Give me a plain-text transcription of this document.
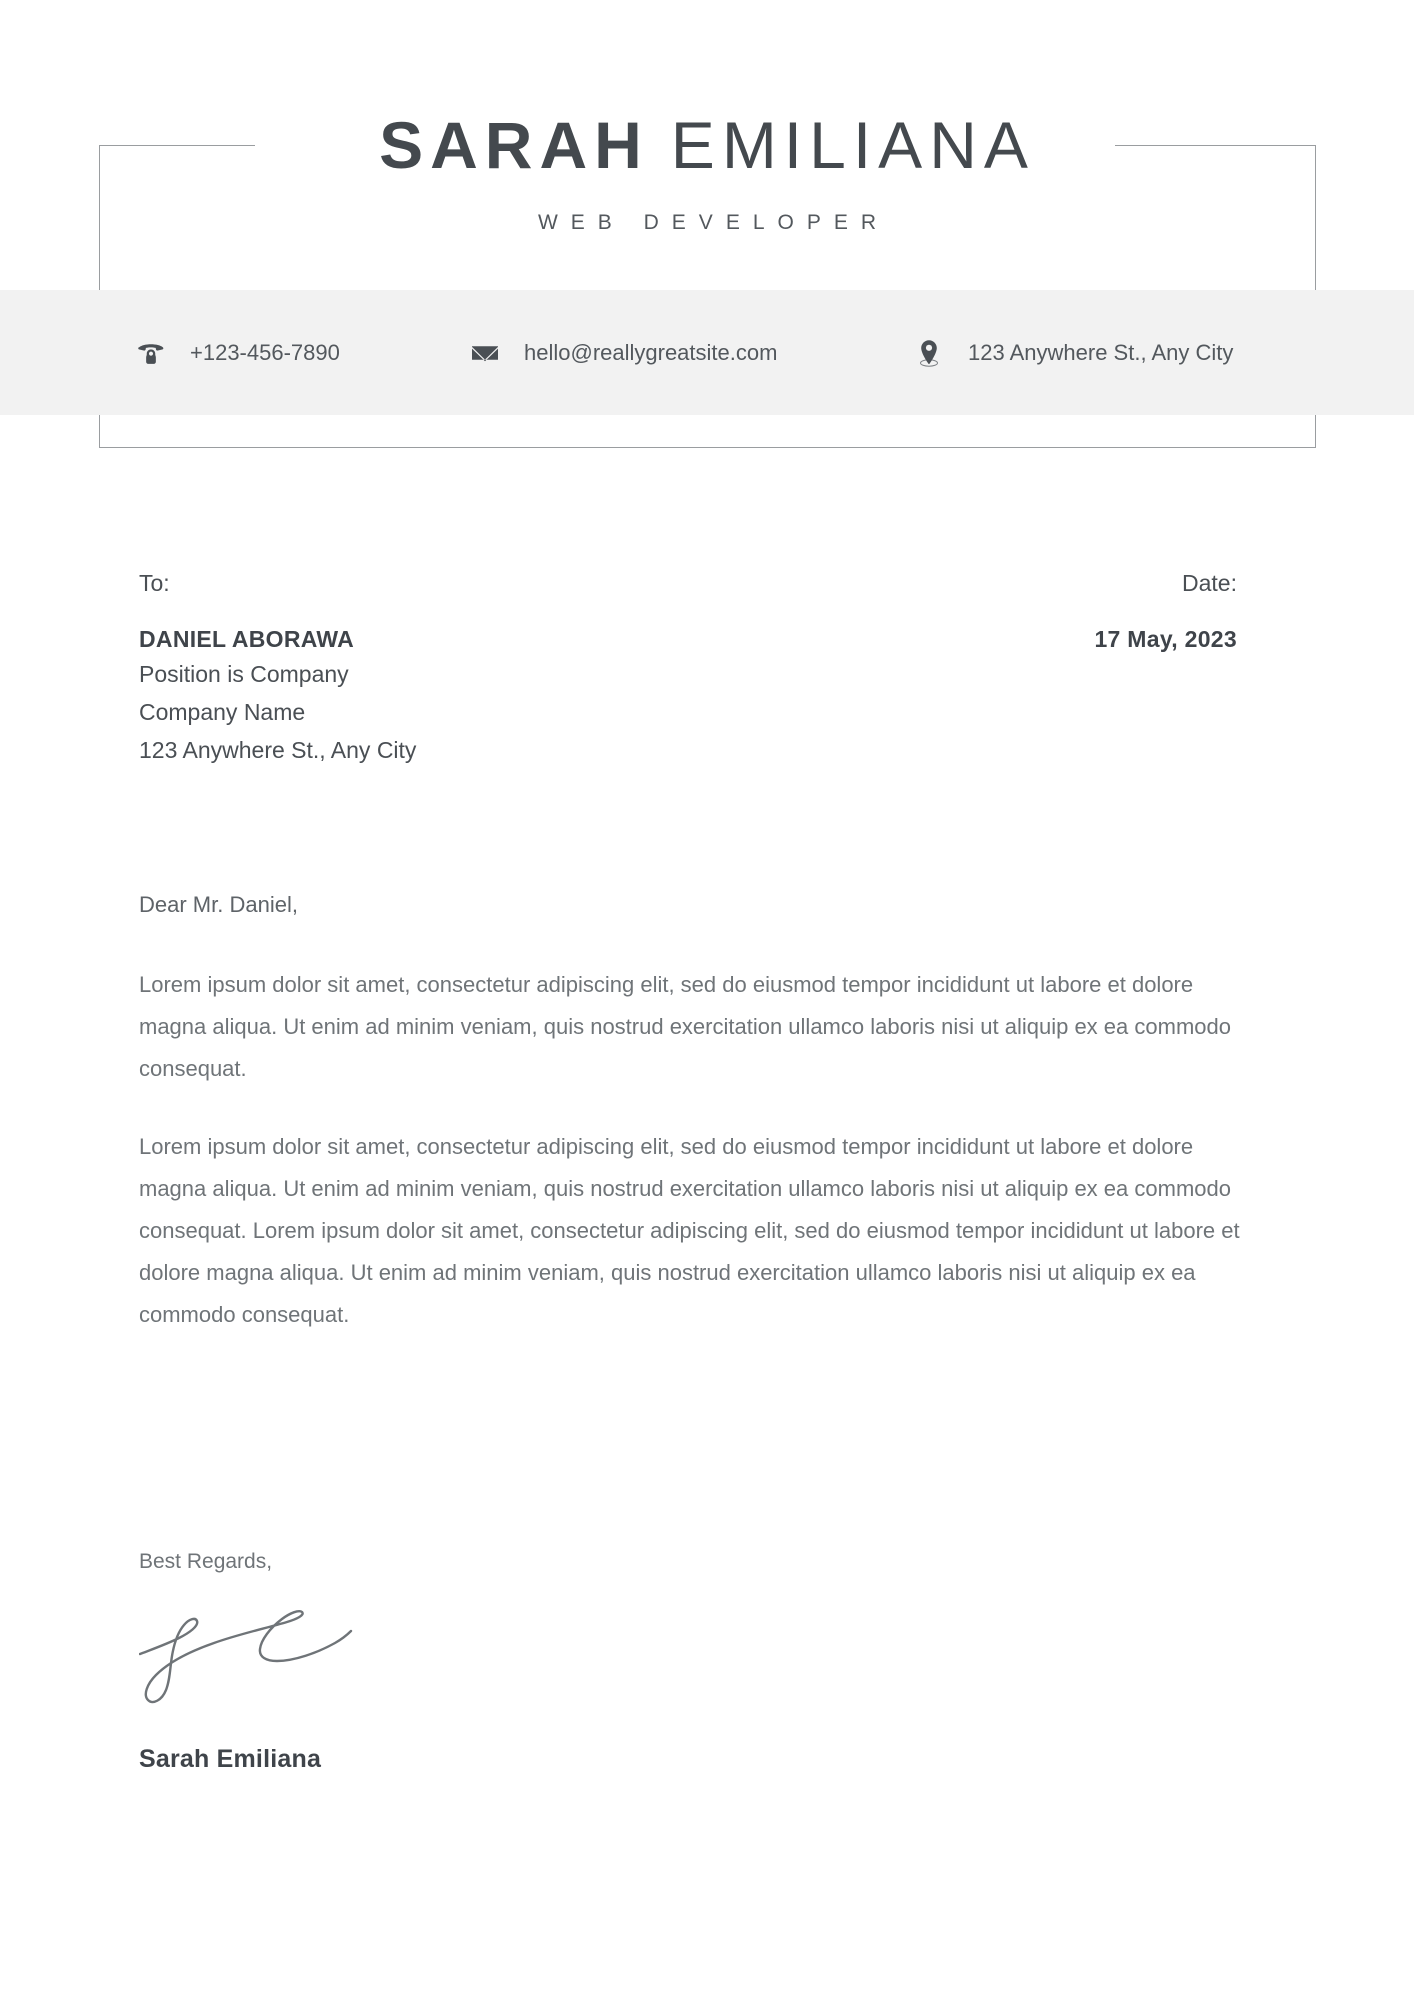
SARAH EMILIANA
WEB DEVELOPER
+123-456-7890	hello@reallygreatsite.com	123 Anywhere St., Any City
To:
DANIEL ABORAWA
Position is Company
Company Name
123 Anywhere St., Any City
Date:
17 May, 2023
Dear Mr. Daniel,

Lorem ipsum dolor sit amet, consectetur adipiscing elit, sed do eiusmod tempor incididunt ut labore et dolore magna aliqua. Ut enim ad minim veniam, quis nostrud exercitation ullamco laboris nisi ut aliquip ex ea commodo consequat.

Lorem ipsum dolor sit amet, consectetur adipiscing elit, sed do eiusmod tempor incididunt ut labore et dolore magna aliqua. Ut enim ad minim veniam, quis nostrud exercitation ullamco laboris nisi ut aliquip ex ea commodo consequat. Lorem ipsum dolor sit amet, consectetur adipiscing elit, sed do eiusmod tempor incididunt ut labore et dolore magna aliqua. Ut enim ad minim veniam, quis nostrud exercitation ullamco laboris nisi ut aliquip ex ea commodo consequat.

Best Regards,
Sarah Emiliana
